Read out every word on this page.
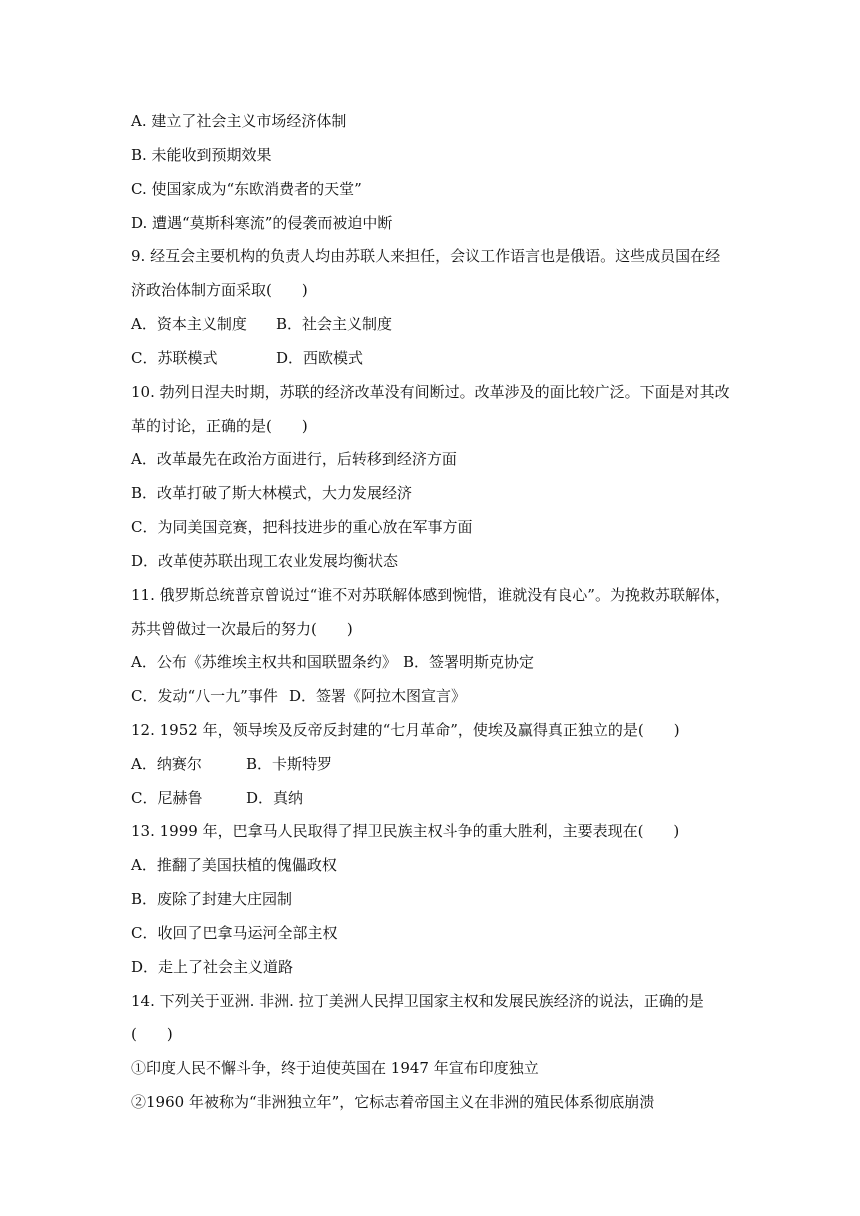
A. 建立了社会主义市场经济体制
B. 未能收到预期效果
C. 使国家成为“东欧消费者的天堂”
D. 遭遇“莫斯科寒流”的侵袭而被迫中断
9. 经互会主要机构的负责人均由苏联人来担任，会议工作语言也是俄语。这些成员国在经
济政治体制方面采取(　　)
A．资本主义制度 B．社会主义制度
C．苏联模式	D．西欧模式
10. 勃列日涅夫时期，苏联的经济改革没有间断过。改革涉及的面比较广泛。下面是对其改
革的讨论，正确的是(　　)
A．改革最先在政治方面进行，后转移到经济方面
B．改革打破了斯大林模式，大力发展经济
C．为同美国竞赛，把科技进步的重心放在军事方面
D．改革使苏联出现工农业发展均衡状态
11. 俄罗斯总统普京曾说过“谁不对苏联解体感到惋惜，谁就没有良心”。为挽救苏联解体，
苏共曾做过一次最后的努力(　　)
A．公布《苏维埃主权共和国联盟条约》 B．签署明斯克协定
C．发动“八一九”事件 D．签署《阿拉木图宣言》
12. 1952 年，领导埃及反帝反封建的“七月革命”，使埃及赢得真正独立的是(　　)
A．纳赛尔	B．卡斯特罗
C．尼赫鲁	D．真纳
13. 1999 年，巴拿马人民取得了捍卫民族主权斗争的重大胜利，主要表现在(　　)
A．推翻了美国扶植的傀儡政权
B．废除了封建大庄园制
C．收回了巴拿马运河全部主权
D．走上了社会主义道路
14. 下列关于亚洲. 非洲. 拉丁美洲人民捍卫国家主权和发展民族经济的说法，正确的是
(　　)
①印度人民不懈斗争，终于迫使英国在 1947 年宣布印度独立
②1960 年被称为“非洲独立年”，它标志着帝国主义在非洲的殖民体系彻底崩溃
